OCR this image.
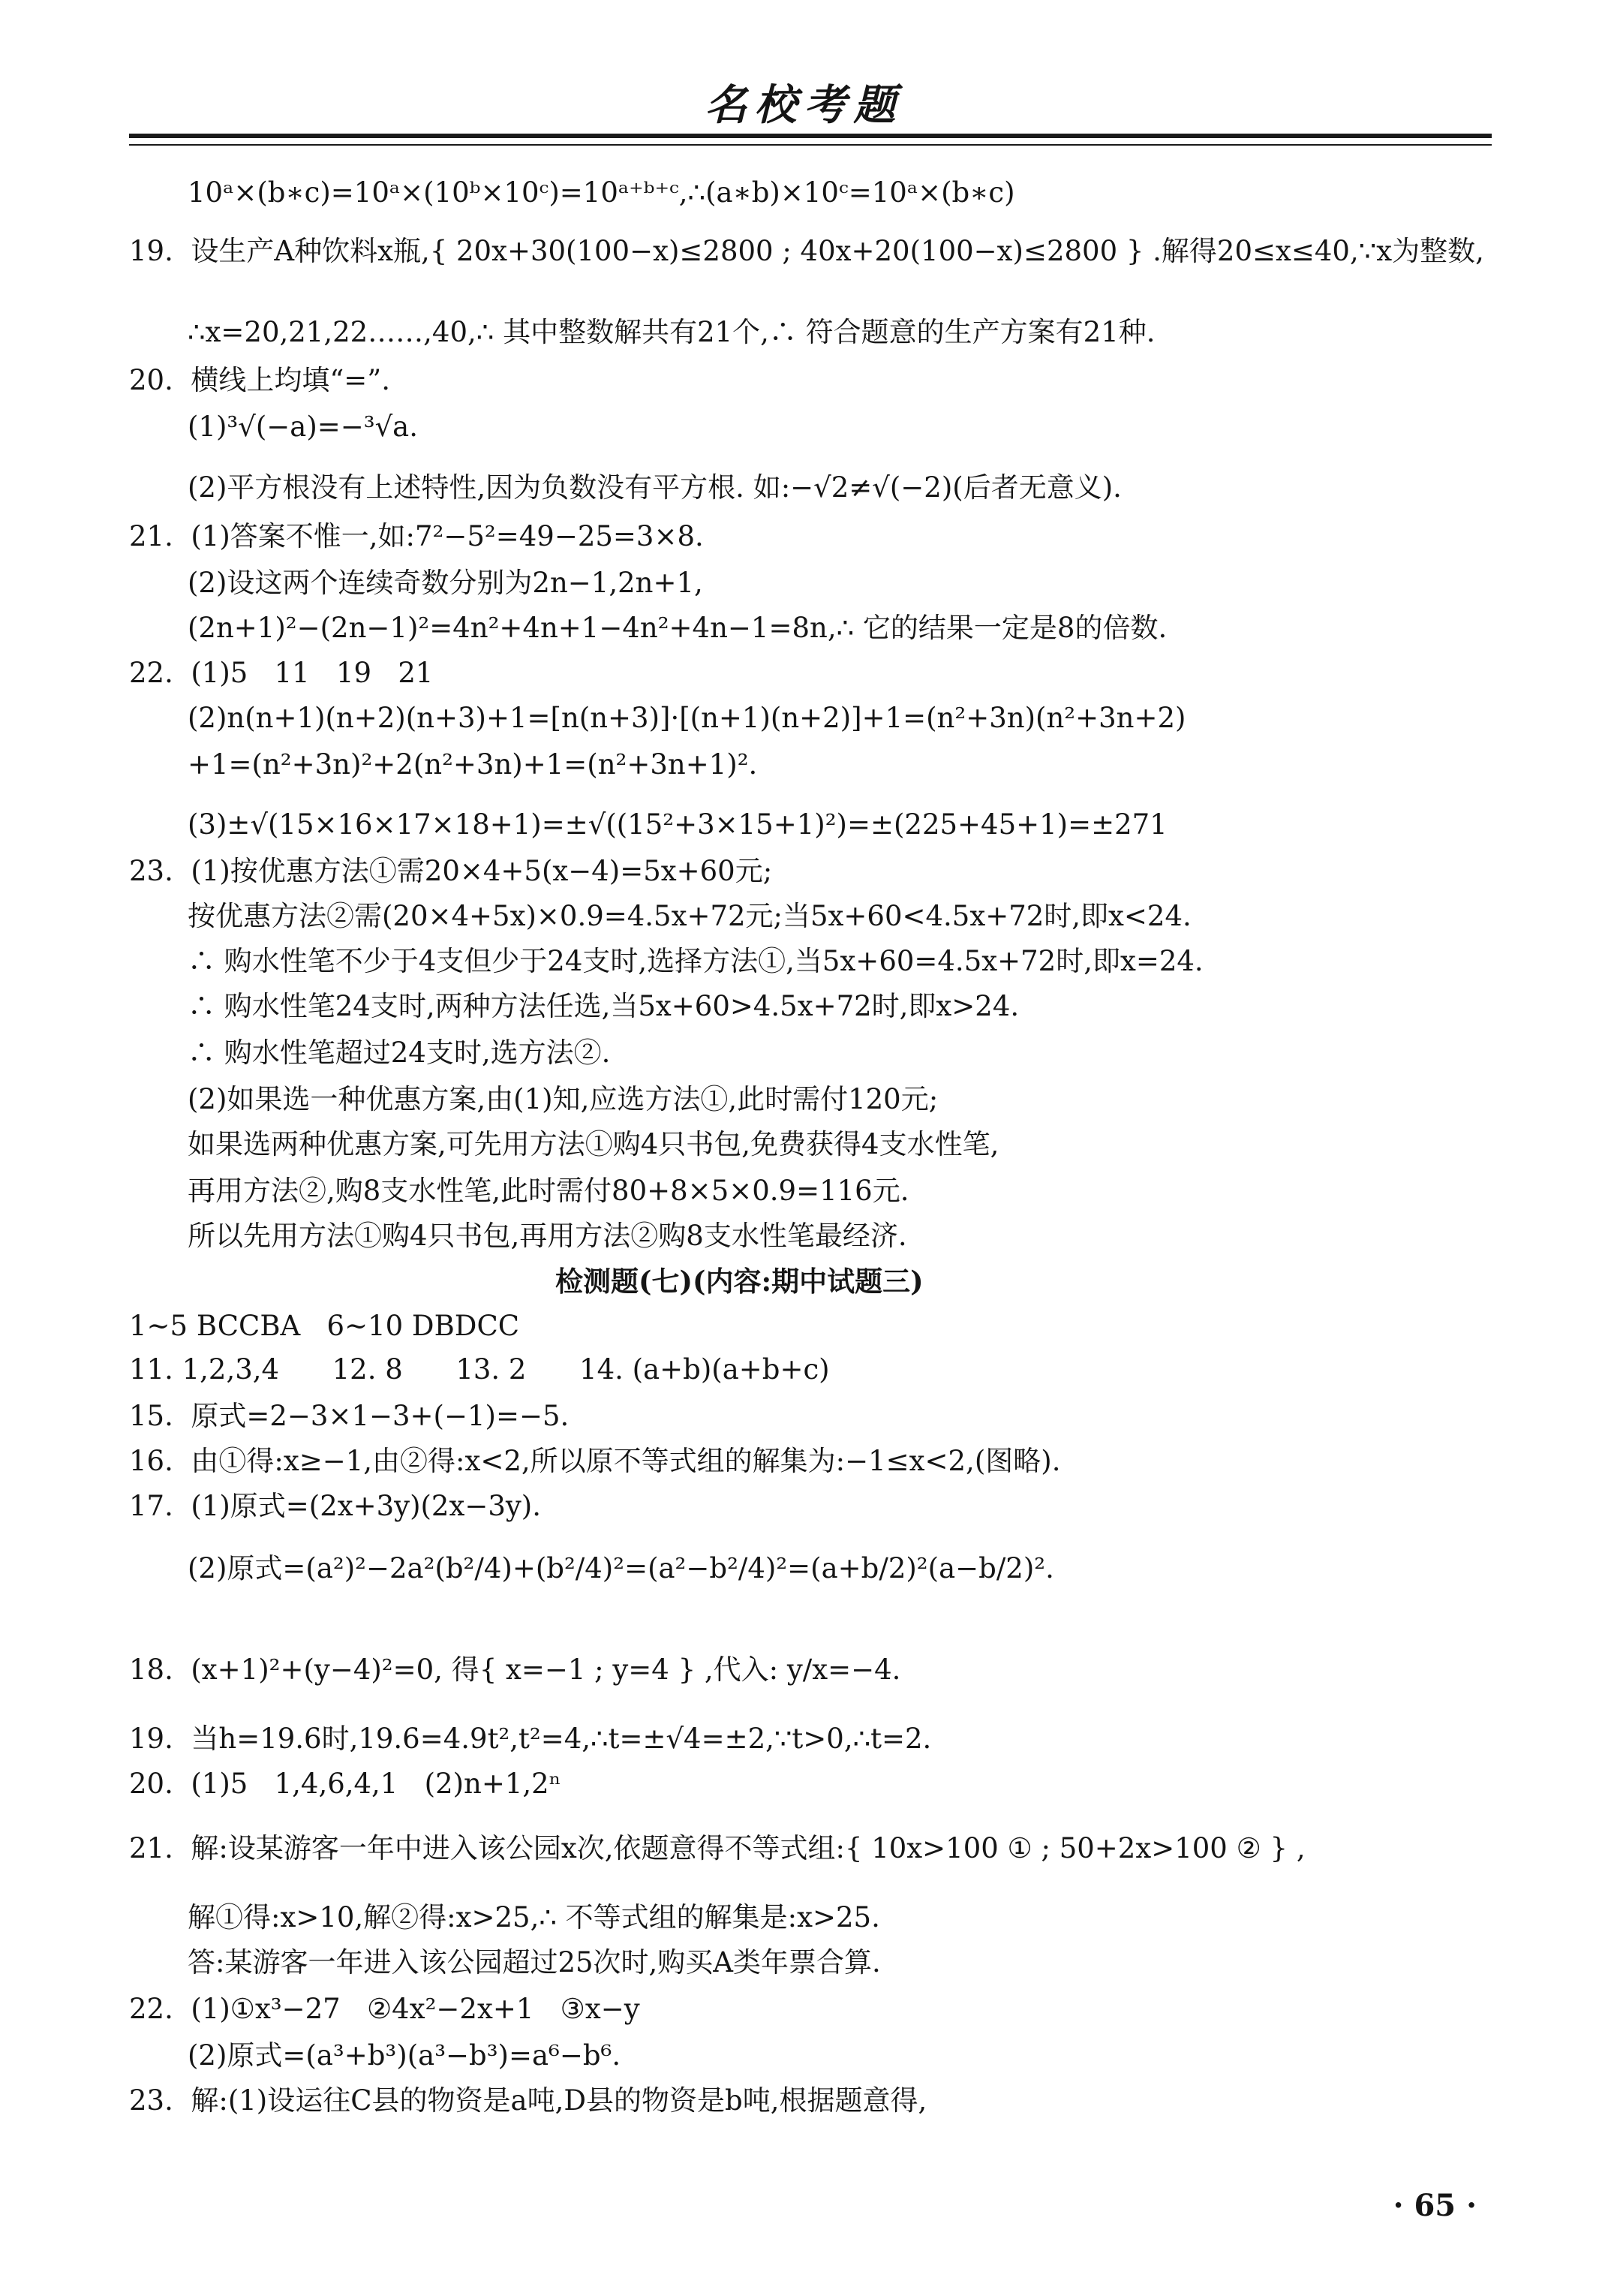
名校考题
10ᵃ×(b∗c)=10ᵃ×(10ᵇ×10ᶜ)=10ᵃ⁺ᵇ⁺ᶜ,∴(a∗b)×10ᶜ=10ᵃ×(b∗c)
19.  设生产A种饮料x瓶,{ 20x+30(100−x)≤2800 ; 40x+20(100−x)≤2800 } .解得20≤x≤40,∵x为整数,
∴x=20,21,22……,40,∴ 其中整数解共有21个,∴ 符合题意的生产方案有21种.
20.  横线上均填“=”.
(1)³√(−a)=−³√a.
(2)平方根没有上述特性,因为负数没有平方根. 如:−√2≠√(−2)(后者无意义).
21.  (1)答案不惟一,如:7²−5²=49−25=3×8.
(2)设这两个连续奇数分别为2n−1,2n+1,
(2n+1)²−(2n−1)²=4n²+4n+1−4n²+4n−1=8n,∴ 它的结果一定是8的倍数.
22.  (1)5   11   19   21
(2)n(n+1)(n+2)(n+3)+1=[n(n+3)]·[(n+1)(n+2)]+1=(n²+3n)(n²+3n+2)
+1=(n²+3n)²+2(n²+3n)+1=(n²+3n+1)².
(3)±√(15×16×17×18+1)=±√((15²+3×15+1)²)=±(225+45+1)=±271
23.  (1)按优惠方法①需20×4+5(x−4)=5x+60元;
按优惠方法②需(20×4+5x)×0.9=4.5x+72元;当5x+60<4.5x+72时,即x<24.
∴ 购水性笔不少于4支但少于24支时,选择方法①,当5x+60=4.5x+72时,即x=24.
∴ 购水性笔24支时,两种方法任选,当5x+60>4.5x+72时,即x>24.
∴ 购水性笔超过24支时,选方法②.
(2)如果选一种优惠方案,由(1)知,应选方法①,此时需付120元;
如果选两种优惠方案,可先用方法①购4只书包,免费获得4支水性笔,
再用方法②,购8支水性笔,此时需付80+8×5×0.9=116元.
所以先用方法①购4只书包,再用方法②购8支水性笔最经济.
检测题(七)(内容:期中试题三)
1~5 BCCBA   6~10 DBDCC
11. 1,2,3,4      12. 8      13. 2      14. (a+b)(a+b+c)
15.  原式=2−3×1−3+(−1)=−5.
16.  由①得:x≥−1,由②得:x<2,所以原不等式组的解集为:−1≤x<2,(图略).
17.  (1)原式=(2x+3y)(2x−3y).
(2)原式=(a²)²−2a²(b²/4)+(b²/4)²=(a²−b²/4)²=(a+b/2)²(a−b/2)².
18.  (x+1)²+(y−4)²=0, 得{ x=−1 ; y=4 } ,代入: y/x=−4.
19.  当h=19.6时,19.6=4.9t²,t²=4,∴t=±√4=±2,∵t>0,∴t=2.
20.  (1)5   1,4,6,4,1   (2)n+1,2ⁿ
21.  解:设某游客一年中进入该公园x次,依题意得不等式组:{ 10x>100 ① ; 50+2x>100 ② } ,
解①得:x>10,解②得:x>25,∴ 不等式组的解集是:x>25.
答:某游客一年进入该公园超过25次时,购买A类年票合算.
22.  (1)①x³−27   ②4x²−2x+1   ③x−y
(2)原式=(a³+b³)(a³−b³)=a⁶−b⁶.
23.  解:(1)设运往C县的物资是a吨,D县的物资是b吨,根据题意得,
· 65 ·
